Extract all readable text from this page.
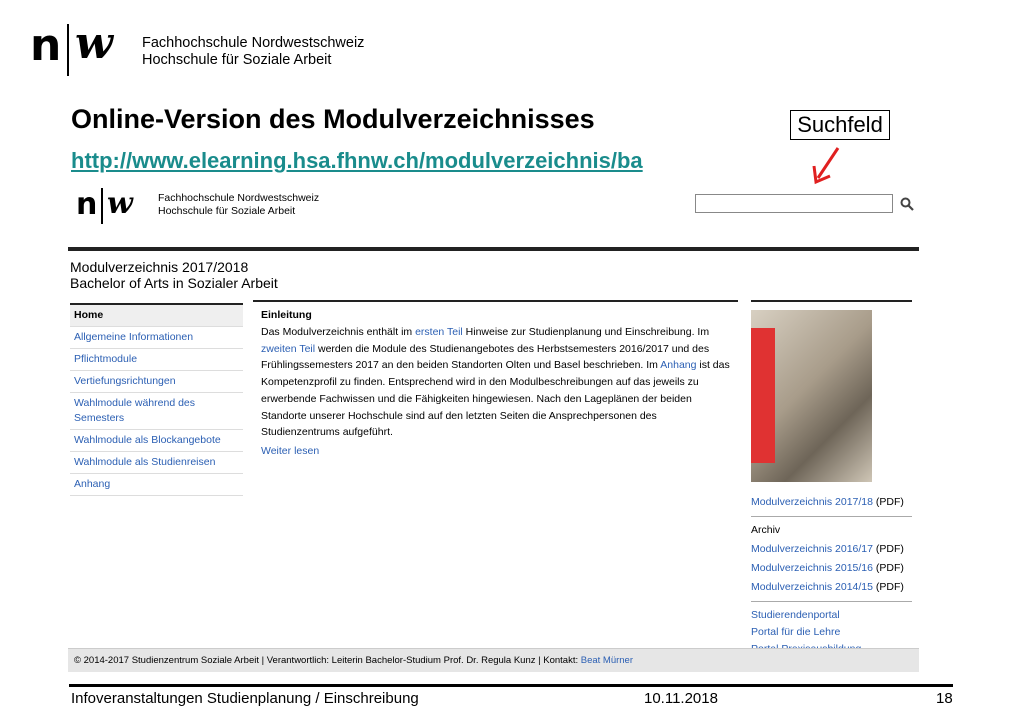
n w Fachhochschule Nordwestschweiz
Hochschule für Soziale Arbeit
Online-Version des Modulverzeichnisses
http://www.elearning.hsa.fhnw.ch/modulverzeichnis/ba
Suchfeld
n w Fachhochschule Nordwestschweiz
Hochschule für Soziale Arbeit
Modulverzeichnis 2017/2018
Bachelor of Arts in Sozialer Arbeit
Home
Allgemeine Informationen
Pflichtmodule
Vertiefungsrichtungen
Wahlmodule während des Semesters
Wahlmodule als Blockangebote
Wahlmodule als Studienreisen
Anhang
Einleitung

Das Modulverzeichnis enthält im ersten Teil Hinweise zur Studienplanung und Einschreibung. Im zweiten Teil werden die Module des Studienangebotes des Herbstsemesters 2016/2017 und des Frühlingssemesters 2017 an den beiden Standorten Olten und Basel beschrieben. Im Anhang ist das Kompetenzprofil zu finden. Entsprechend wird in den Modulbeschreibungen auf das jeweils zu erwerbende Fachwissen und die Fähigkeiten hingewiesen. Nach den Lageplänen der beiden Standorte unserer Hochschule sind auf den letzten Seiten die Ansprechpersonen des Studienzentrums aufgeführt.

Weiter lesen
Modulverzeichnis 2017/18 (PDF)
Archiv
Modulverzeichnis 2016/17 (PDF)
Modulverzeichnis 2015/16 (PDF)
Modulverzeichnis 2014/15 (PDF)
Studierendenportal
Portal für die Lehre
© 2014-2017 Studienzentrum Soziale Arbeit | Verantwortlich: Leiterin Bachelor-Studium Prof. Dr. Regula Kunz | Kontakt: Beat Mürner
Infoveranstaltungen Studienplanung / Einschreibung	10.11.2018	18
